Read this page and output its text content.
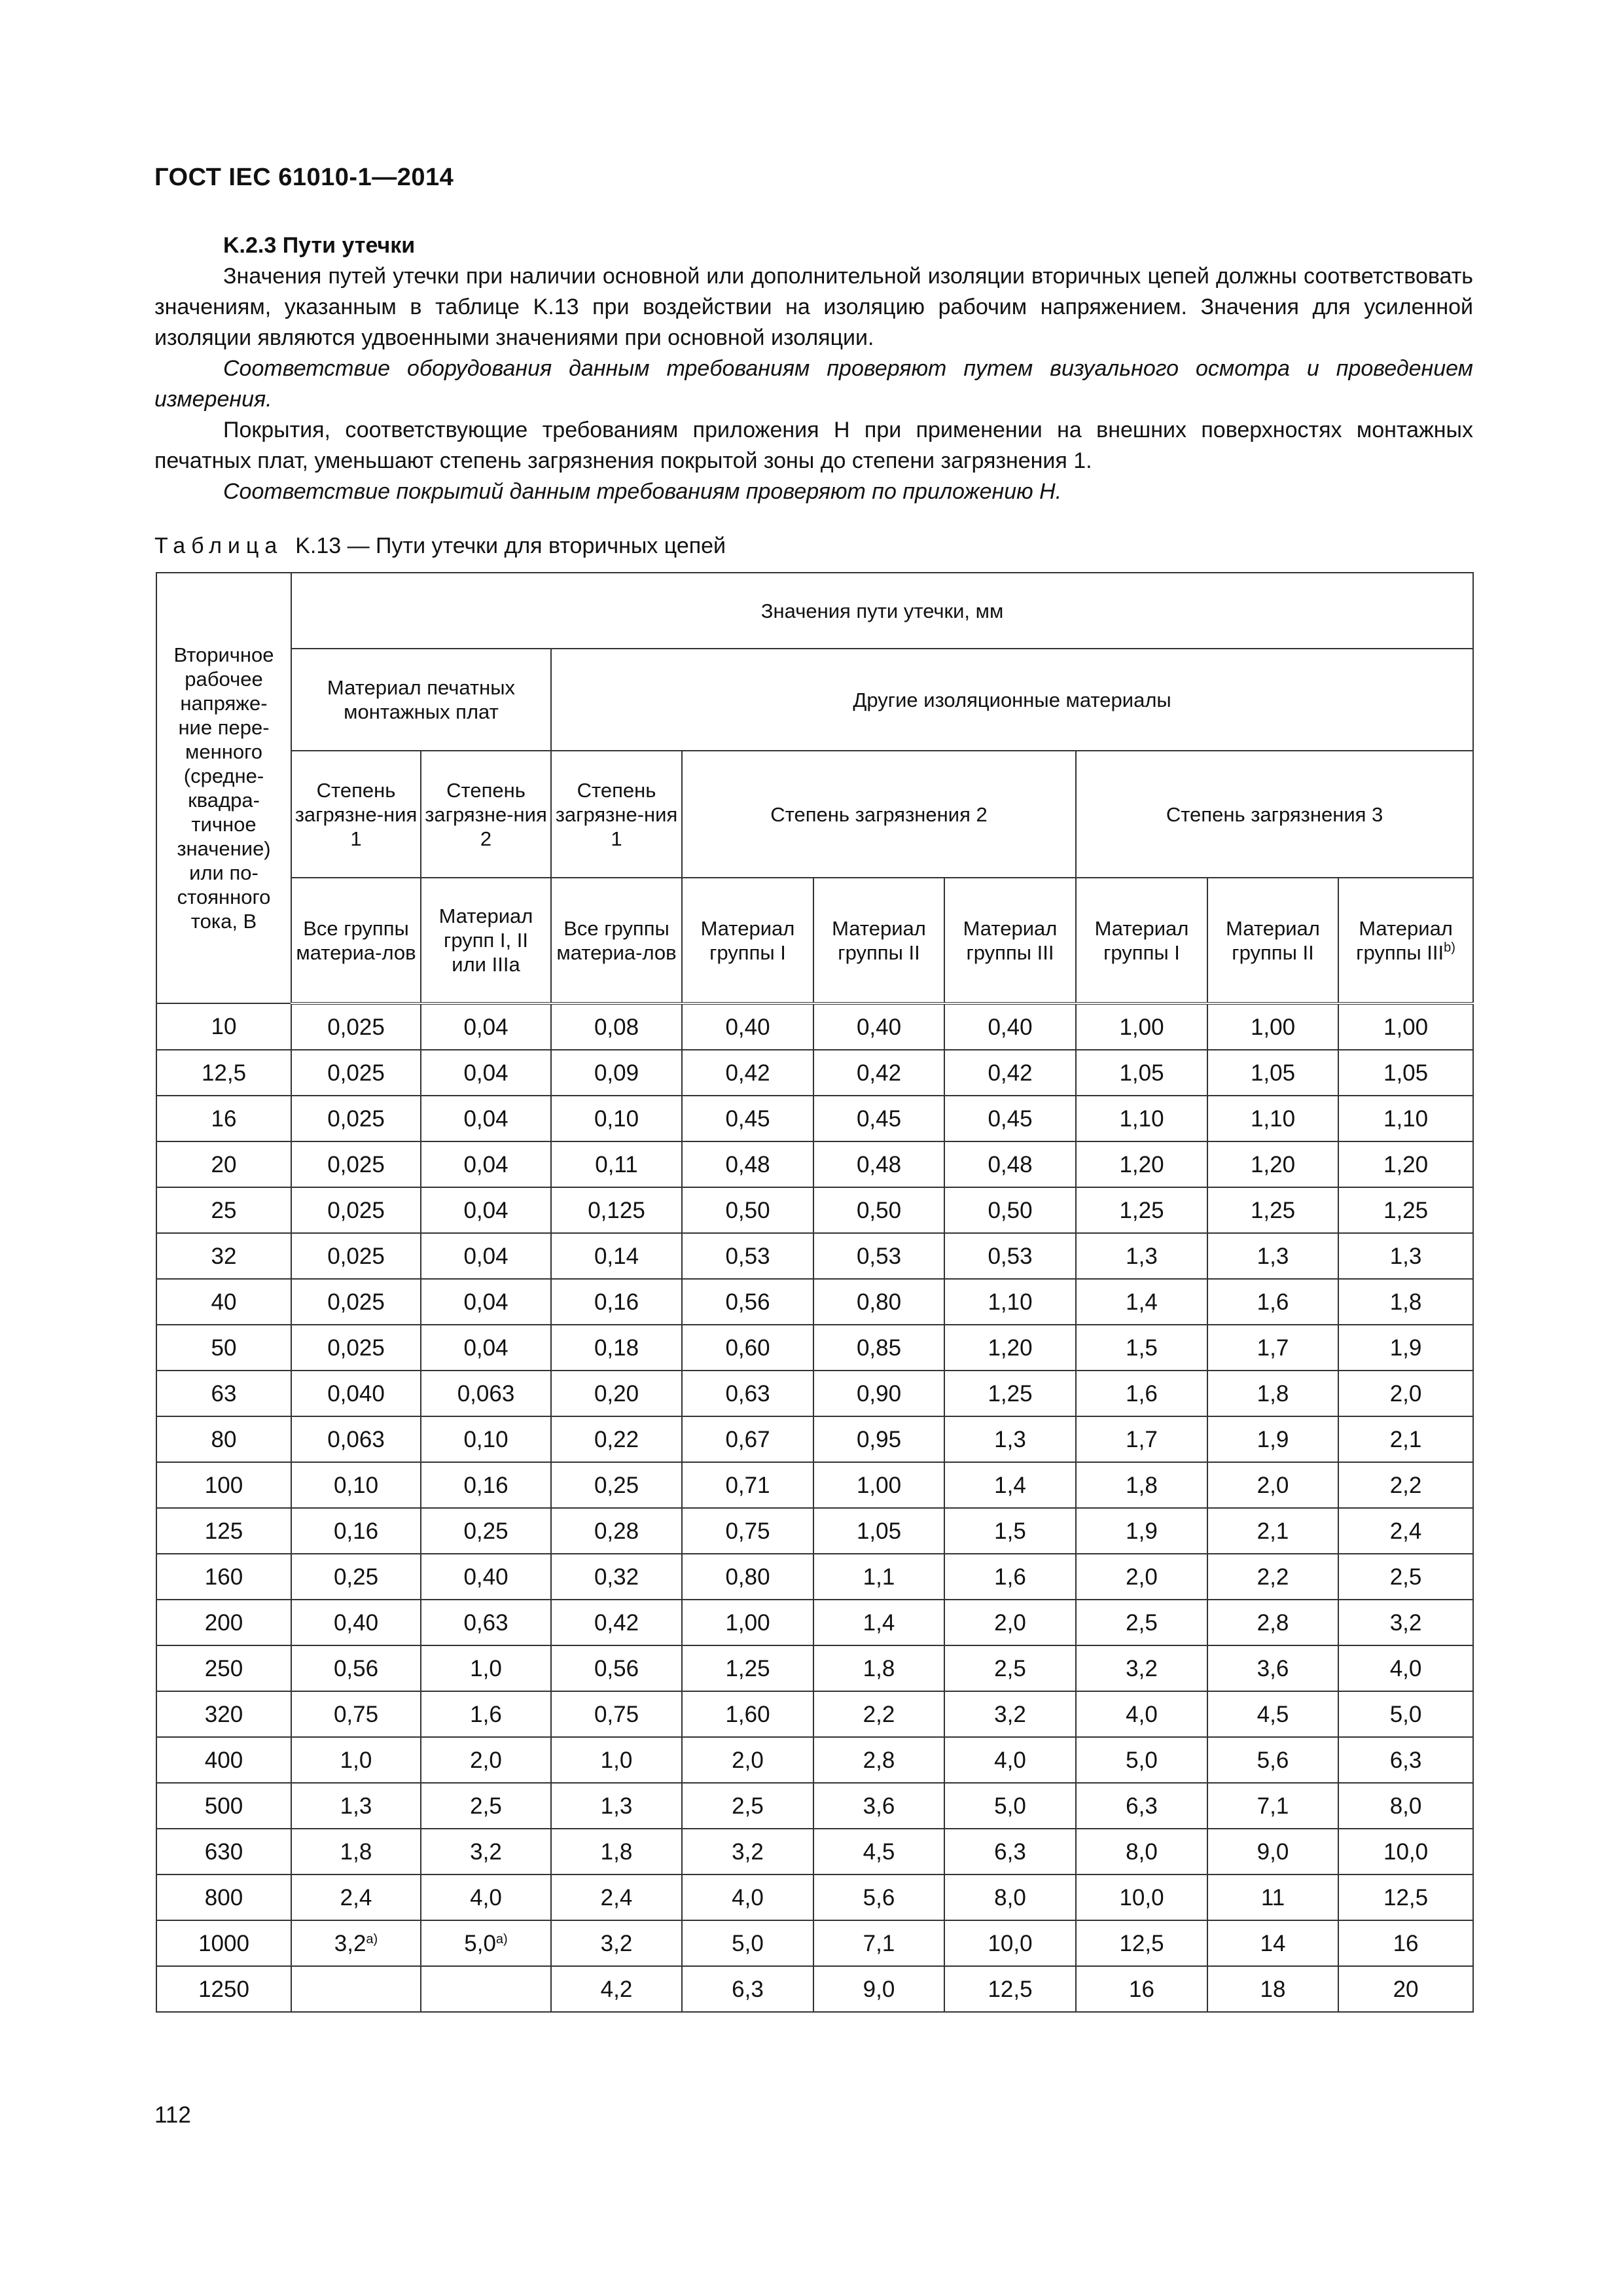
ГОСТ IEC 61010-1—2014

K.2.3 Пути утечки

Значения путей утечки при наличии основной или дополнительной изоляции вторичных цепей должны соответствовать значениям, указанным в таблице K.13 при воздействии на изоляцию рабочим напряжением. Значения для усиленной изоляции являются удвоенными значениями при основной изоляции.

Соответствие оборудования данным требованиям проверяют путем визуального осмотра и проведением измерения.

Покрытия, соответствующие требованиям приложения H при применении на внешних поверхностях монтажных печатных плат, уменьшают степень загрязнения покрытой зоны до степени загрязнения 1.

Соответствие покрытий данным требованиям проверяют по приложению H.

Таблица K.13 — Пути утечки для вторичных цепей
Вторичное рабочее напряже-ние пере-менного (средне-квадра-тичное значение) или по-стоянного тока, В	Значения пути утечки, мм								
	Материал печатных монтажных плат		Другие изоляционные материалы						
	Степень загрязне-ния 1	Степень загрязне-ния 2	Степень загрязне-ния 1	Степень загрязнения 2			Степень загрязнения 3		
	Все группы материа-лов	Материал групп I, II или IIIa	Все группы материа-лов	Материал группы I	Материал группы II	Материал группы III	Материал группы I	Материал группы II	Материал группы III$^{b)}$
10	0,025	0,04	0,08	0,40	0,40	0,40	1,00	1,00	1,00
12,5	0,025	0,04	0,09	0,42	0,42	0,42	1,05	1,05	1,05
16	0,025	0,04	0,10	0,45	0,45	0,45	1,10	1,10	1,10
20	0,025	0,04	0,11	0,48	0,48	0,48	1,20	1,20	1,20
25	0,025	0,04	0,125	0,50	0,50	0,50	1,25	1,25	1,25
32	0,025	0,04	0,14	0,53	0,53	0,53	1,3	1,3	1,3
40	0,025	0,04	0,16	0,56	0,80	1,10	1,4	1,6	1,8
50	0,025	0,04	0,18	0,60	0,85	1,20	1,5	1,7	1,9
63	0,040	0,063	0,20	0,63	0,90	1,25	1,6	1,8	2,0
80	0,063	0,10	0,22	0,67	0,95	1,3	1,7	1,9	2,1
100	0,10	0,16	0,25	0,71	1,00	1,4	1,8	2,0	2,2
125	0,16	0,25	0,28	0,75	1,05	1,5	1,9	2,1	2,4
160	0,25	0,40	0,32	0,80	1,1	1,6	2,0	2,2	2,5
200	0,40	0,63	0,42	1,00	1,4	2,0	2,5	2,8	3,2
250	0,56	1,0	0,56	1,25	1,8	2,5	3,2	3,6	4,0
320	0,75	1,6	0,75	1,60	2,2	3,2	4,0	4,5	5,0
400	1,0	2,0	1,0	2,0	2,8	4,0	5,0	5,6	6,3
500	1,3	2,5	1,3	2,5	3,6	5,0	6,3	7,1	8,0
630	1,8	3,2	1,8	3,2	4,5	6,3	8,0	9,0	10,0
800	2,4	4,0	2,4	4,0	5,6	8,0	10,0	11	12,5
1000	3,2$^{a)}$	5,0$^{a)}$	3,2	5,0	7,1	10,0	12,5	14	16
1250			4,2	6,3	9,0	12,5	16	18	20
112
